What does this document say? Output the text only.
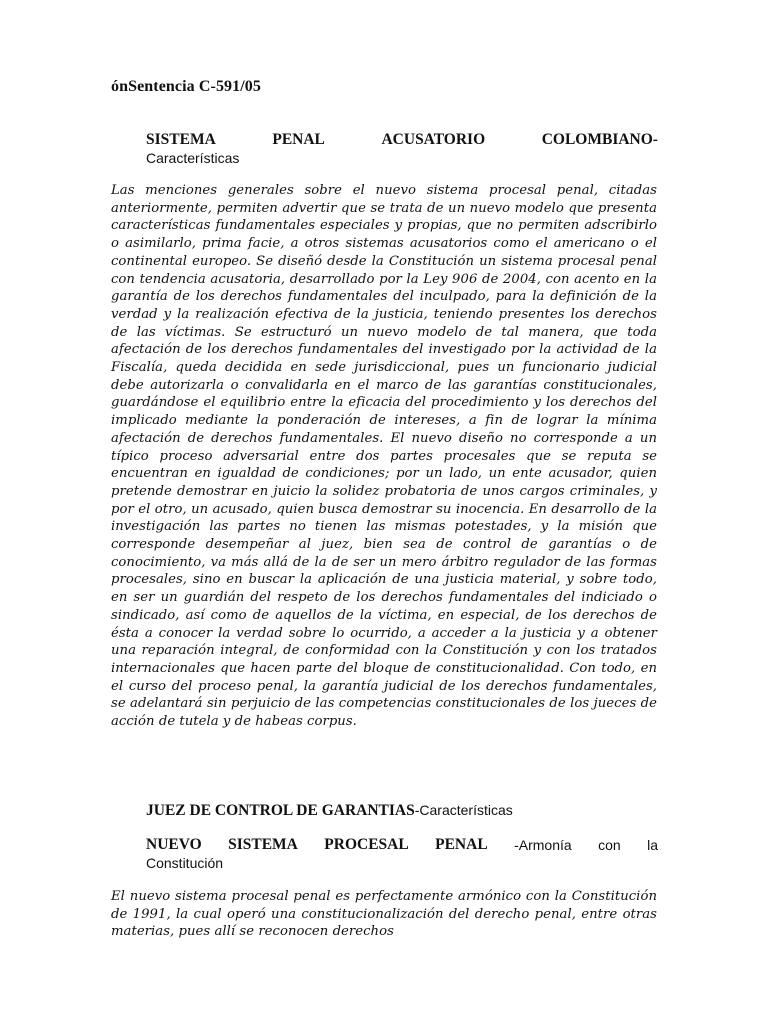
ónSentencia C-591/05
SISTEMA	PENAL	ACUSATORIO	COLOMBIANO-
Características
Las menciones generales sobre el nuevo sistema procesal penal, citadas anteriormente, permiten advertir que se trata de un nuevo modelo que presenta características fundamentales especiales y propias, que no permiten adscribirlo o asimilarlo, prima facie, a otros sistemas acusatorios como el americano o el continental europeo. Se diseñó desde la Constitución un sistema procesal penal con tendencia acusatoria, desarrollado por la Ley 906 de 2004, con acento en la garantía de los derechos fundamentales del inculpado, para la definición de la verdad y la realización efectiva de la justicia, teniendo presentes los derechos de las víctimas. Se estructuró un nuevo modelo de tal manera, que toda afectación de los derechos fundamentales del investigado por la actividad de la Fiscalía, queda decidida en sede jurisdiccional, pues un funcionario judicial debe autorizarla o convalidarla en el marco de las garantías constitucionales, guardándose el equilibrio entre la eficacia del procedimiento y los derechos del implicado mediante la ponderación de intereses, a fin de lograr la mínima afectación de derechos fundamentales. El nuevo diseño no corresponde a un típico proceso adversarial entre dos partes procesales que se reputa se encuentran en igualdad de condiciones; por un lado, un ente acusador, quien pretende demostrar en juicio la solidez probatoria de unos cargos criminales, y por el otro, un acusado, quien busca demostrar su inocencia. En desarrollo de la investigación las partes no tienen las mismas potestades, y la misión que corresponde desempeñar al juez, bien sea de control de garantías o de conocimiento, va más allá de la de ser un mero árbitro regulador de las formas procesales, sino en buscar la aplicación de una justicia material, y sobre todo, en ser un guardián del respeto de los derechos fundamentales del indiciado o sindicado, así como de aquellos de la víctima, en especial, de los derechos de ésta a conocer la verdad sobre lo ocurrido, a acceder a la justicia y a obtener una reparación integral, de conformidad con la Constitución y con los tratados internacionales que hacen parte del bloque de constitucionalidad. Con todo, en el curso del proceso penal, la garantía judicial de los derechos fundamentales, se adelantará sin perjuicio de las competencias constitucionales de los jueces de acción de tutela y de habeas corpus.
JUEZ DE CONTROL DE GARANTIAS-Características
NUEVO SISTEMA PROCESAL PENAL -Armonía con la
Constitución
El nuevo sistema procesal penal es perfectamente armónico con la Constitución de 1991, la cual operó una constitucionalización del derecho penal, entre otras materias, pues allí se reconocen derechos
